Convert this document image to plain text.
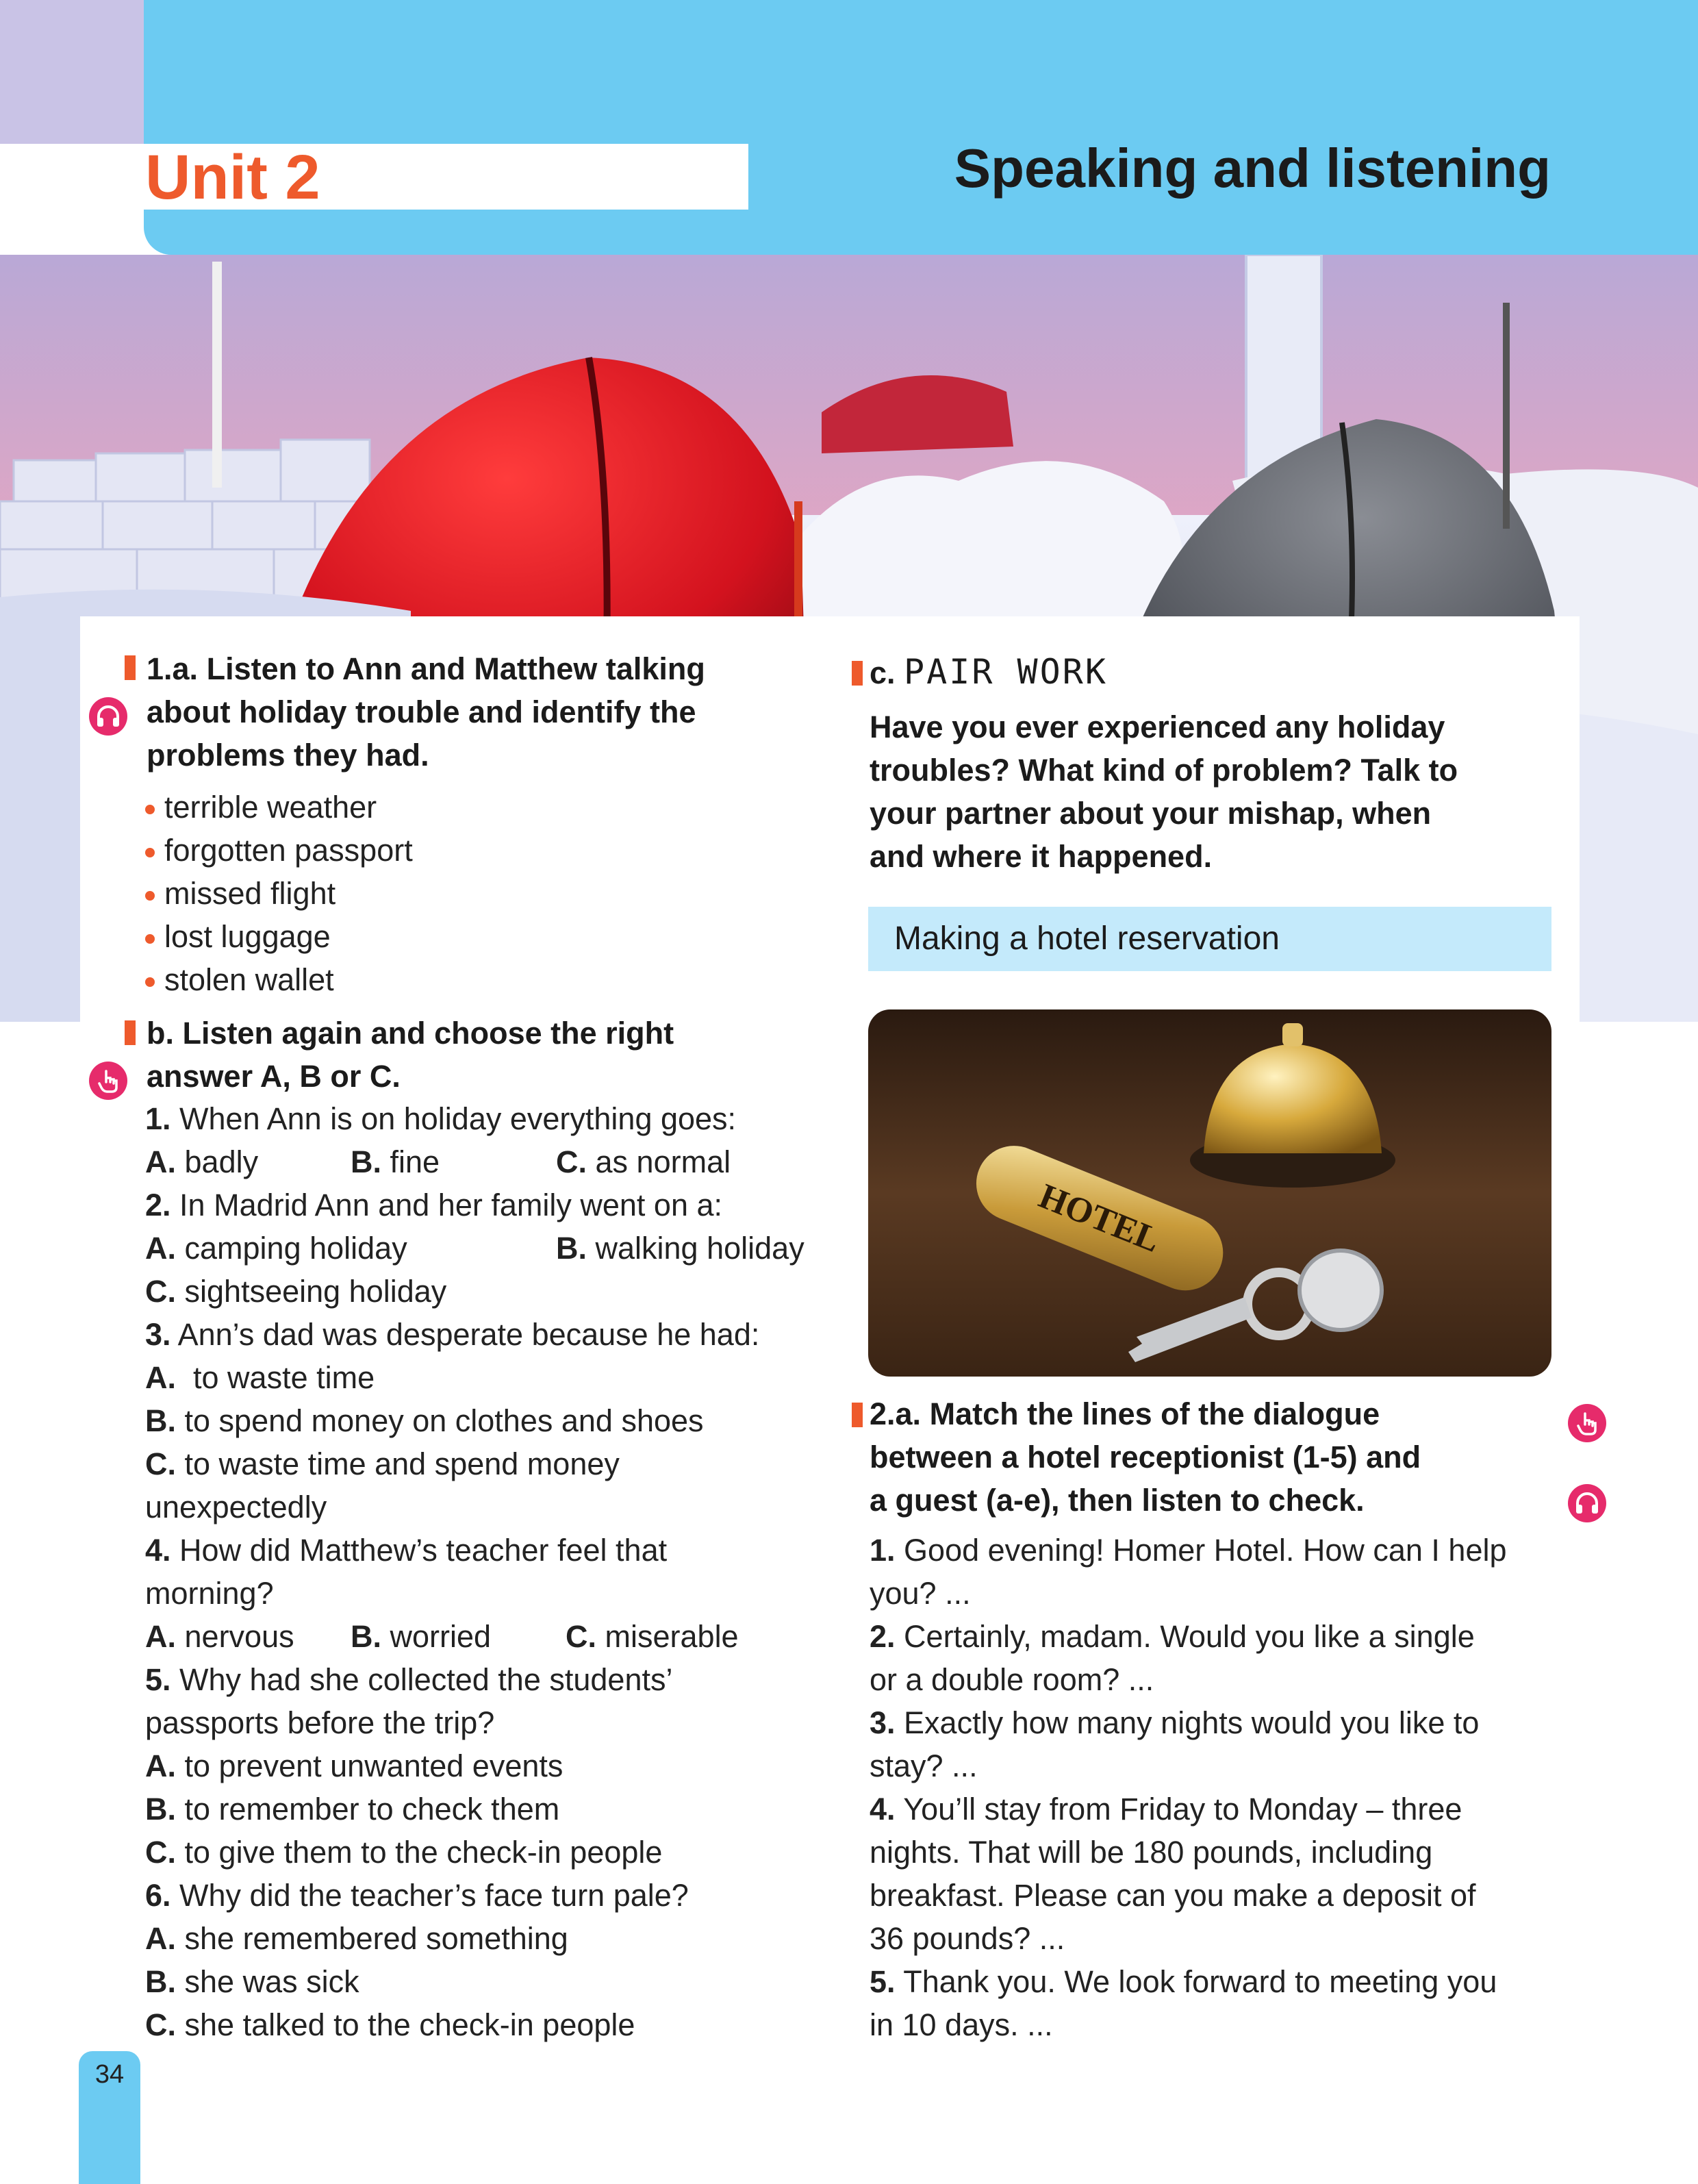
Unit 2	Speaking and listening
1.a. Listen to Ann and Matthew talking
about holiday trouble and identify the
problems they had.
terrible weather
forgotten passport
missed flight
lost luggage
stolen wallet
b. Listen again and choose the right
answer A, B or C.
1. When Ann is on holiday everything goes:
A. badly	B. fine	C. as normal
2. In Madrid Ann and her family went on a:
A. camping holiday	B. walking holiday
C. sightseeing holiday
3. Ann’s dad was desperate because he had:
A.  to waste time
B. to spend money on clothes and shoes
C. to waste time and spend money
unexpectedly
4. How did Matthew’s teacher feel that
morning?
A. nervous B. worried C. miserable
5. Why had she collected the students’
passports before the trip?
A. to prevent unwanted events
B. to remember to check them
C. to give them to the check-in people
6. Why did the teacher’s face turn pale?
A. she remembered something
B. she was sick
C. she talked to the check-in people
c. PAIR WORK
Have you ever experienced any holiday
troubles? What kind of problem? Talk to
your partner about your mishap, when
and where it happened.
Making a hotel reservation
HOTEL
2.a. Match the lines of the dialogue
between a hotel receptionist (1-5) and
a guest (a-e), then listen to check.
1. Good evening! Homer Hotel. How can I help
you? ...
2. Certainly, madam. Would you like a single
or a double room? ...
3. Exactly how many nights would you like to
stay? ...
4. You’ll stay from Friday to Monday – three
nights. That will be 180 pounds, including
breakfast. Please can you make a deposit of
36 pounds? ...
5. Thank you. We look forward to meeting you
in 10 days. ...
34
